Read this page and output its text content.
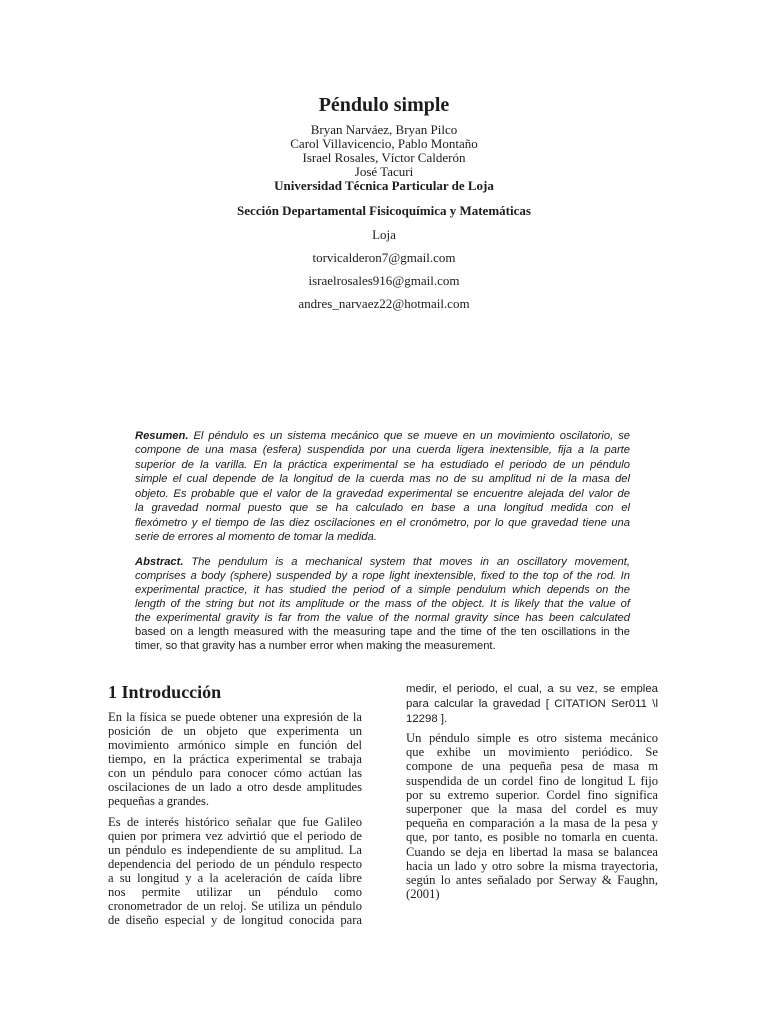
Péndulo simple
Bryan Narváez, Bryan Pilco
Carol Villavicencio, Pablo Montaño
Israel Rosales, Víctor Calderón
José Tacuri
Universidad Técnica Particular de Loja
Sección Departamental Fisicoquímica y Matemáticas
Loja
torvicalderon7@gmail.com
israelrosales916@gmail.com
andres_narvaez22@hotmail.com
Resumen. El péndulo es un sistema mecánico que se mueve en un movimiento oscilatorio, se
compone de una masa (esfera) suspendida por una cuerda ligera inextensible, fija a la parte
superior de la varilla. En la práctica experimental se ha estudiado el periodo de un péndulo
simple el cual depende de la longitud de la cuerda mas no de su amplitud ni de la masa del
objeto. Es probable que el valor de la gravedad experimental se encuentre alejada del valor de
la gravedad normal puesto que se ha calculado en base a una longitud medida con el
flexómetro y el tiempo de las diez oscilaciones en el cronómetro, por lo que gravedad tiene una
serie de errores al momento de tomar la medida.
Abstract. The pendulum is a mechanical system that moves in an oscillatory movement,
comprises a body (sphere) suspended by a rope light inextensible, fixed to the top of the rod. In
experimental practice, it has studied the period of a simple pendulum which depends on the
length of the string but not its amplitude or the mass of the object. It is likely that the value of
the experimental gravity is far from the value of the normal gravity since has been calculated
based on a length measured with the measuring tape and the time of the ten oscillations in the
timer, so that gravity has a number error when making the measurement.
1 Introducción
En la física se puede obtener una expresión de la
posición de un objeto que experimenta un
movimiento armónico simple en función del
tiempo, en la práctica experimental se trabaja
con un péndulo para conocer cómo actúan las
oscilaciones de un lado a otro desde amplitudes
pequeñas a grandes.
Es de interés histórico señalar que fue Galileo
quien por primera vez advirtió que el periodo de
un péndulo es independiente de su amplitud. La
dependencia del periodo de un péndulo respecto
a su longitud y a la aceleración de caída libre
nos permite utilizar un péndulo como
cronometrador de un reloj. Se utiliza un péndulo
de diseño especial y de longitud conocida para
medir, el periodo, el cual, a su vez, se emplea
para calcular la gravedad [ CITATION Ser011 \l
12298 ].
Un péndulo simple es otro sistema mecánico
que exhibe un movimiento periódico. Se
compone de una pequeña pesa de masa m
suspendida de un cordel fino de longitud L fijo
por su extremo superior. Cordel fino significa
superponer que la masa del cordel es muy
pequeña en comparación a la masa de la pesa y
que, por tanto, es posible no tomarla en cuenta.
Cuando se deja en libertad la masa se balancea
hacia un lado y otro sobre la misma trayectoria,
según lo antes señalado por Serway & Faughn,
(2001)
